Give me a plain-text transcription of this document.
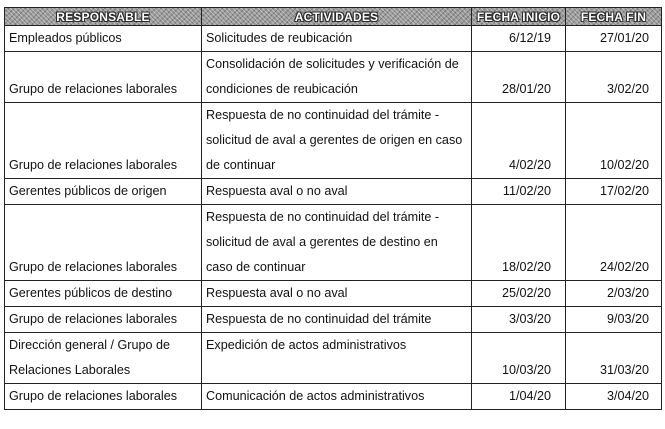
RESPONSABLE	ACTIVIDADES	FECHA INICIO	FECHA FIN
Empleados públicos	Solicitudes de reubicación	6/12/19	27/01/20
Grupo de relaciones laborales	Consolidación de solicitudes y verificación de
condiciones de reubicación	28/01/20	3/02/20
Grupo de relaciones laborales	Respuesta de no continuidad del trámite -
solicitud de aval a gerentes de origen en caso
de continuar	4/02/20	10/02/20
Gerentes públicos de origen	Respuesta aval o no aval	11/02/20	17/02/20
Grupo de relaciones laborales	Respuesta de no continuidad del trámite -
solicitud de aval a gerentes de destino en
caso de continuar	18/02/20	24/02/20
Gerentes públicos de destino	Respuesta aval o no aval	25/02/20	2/03/20
Grupo de relaciones laborales	Respuesta de no continuidad del trámite	3/03/20	9/03/20
Dirección general / Grupo de Relaciones Laborales	Expedición de actos administrativos	10/03/20	31/03/20
Grupo de relaciones laborales	Comunicación de actos administrativos	1/04/20	3/04/20
